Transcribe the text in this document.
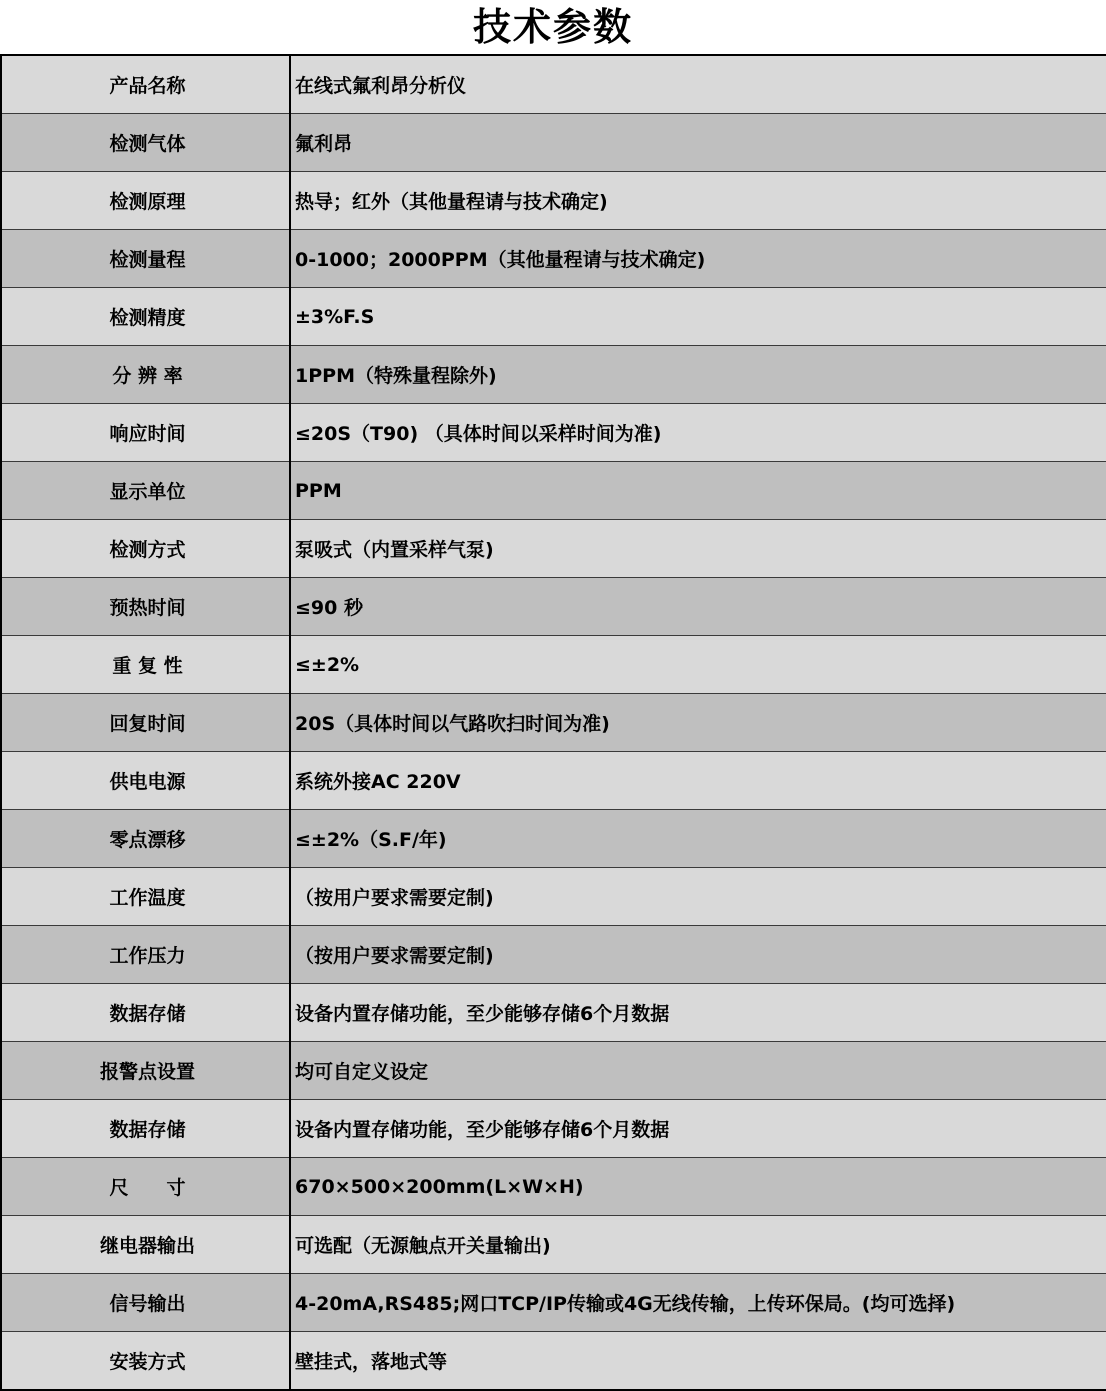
技术参数
产品名称	在线式氟利昂分析仪
检测气体	氟利昂
检测原理	热导；红外（其他量程请与技术确定)
检测量程	0-1000；2000PPM（其他量程请与技术确定)
检测精度	±3%F.S
分 辨 率	1PPM（特殊量程除外)
响应时间	≤20S（T90) （具体时间以采样时间为准)
显示单位	PPM
检测方式	泵吸式（内置采样气泵)
预热时间	≤90 秒
重 复 性	≤±2%
回复时间	20S（具体时间以气路吹扫时间为准)
供电电源	系统外接AC 220V
零点漂移	≤±2%（S.F/年)
工作温度	（按用户要求需要定制)
工作压力	（按用户要求需要定制)
数据存储	设备内置存储功能，至少能够存储6个月数据
报警点设置	均可自定义设定
数据存储	设备内置存储功能，至少能够存储6个月数据
尺　　寸	670×500×200mm(L×W×H)
继电器输出	可选配（无源触点开关量输出)
信号输出	4-20mA,RS485;网口TCP/IP传输或4G无线传输，上传环保局。(均可选择)
安装方式	壁挂式，落地式等
